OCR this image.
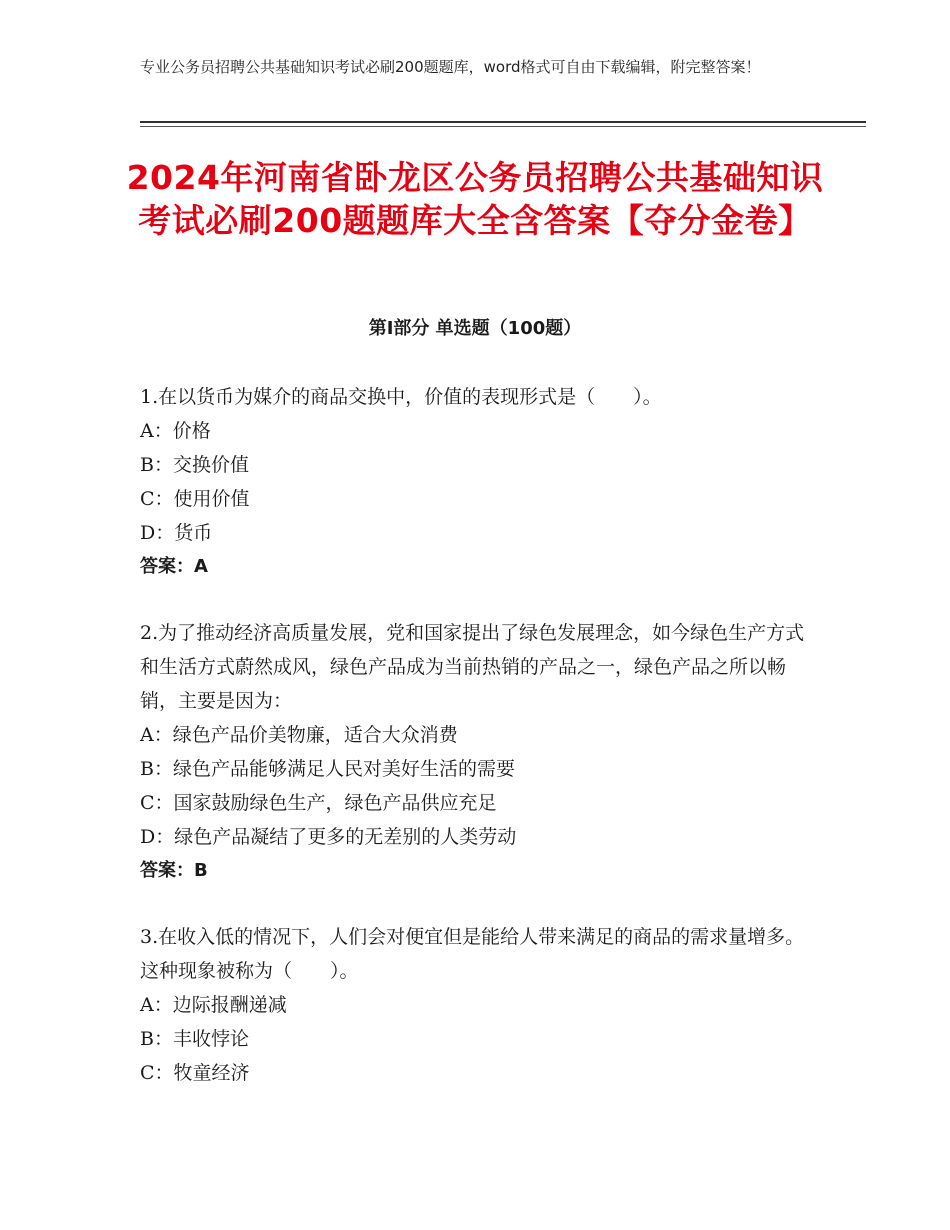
专业公务员招聘公共基础知识考试必刷200题题库，word格式可自由下载编辑，附完整答案！
2024年河南省卧龙区公务员招聘公共基础知识考试必刷200题题库大全含答案【夺分金卷】
第Ⅰ部分 单选题（100题）

1.在以货币为媒介的商品交换中，价值的表现形式是（　　）。

A：价格

B：交换价值

C：使用价值

D：货币

答案：A

2.为了推动经济高质量发展，党和国家提出了绿色发展理念，如今绿色生产方式和生活方式蔚然成风，绿色产品成为当前热销的产品之一，绿色产品之所以畅销，主要是因为：

A：绿色产品价美物廉，适合大众消费

B：绿色产品能够满足人民对美好生活的需要

C：国家鼓励绿色生产，绿色产品供应充足

D：绿色产品凝结了更多的无差别的人类劳动

答案：B

3.在收入低的情况下，人们会对便宜但是能给人带来满足的商品的需求量增多。这种现象被称为（　　）。

A：边际报酬递减

B：丰收悖论

C：牧童经济
